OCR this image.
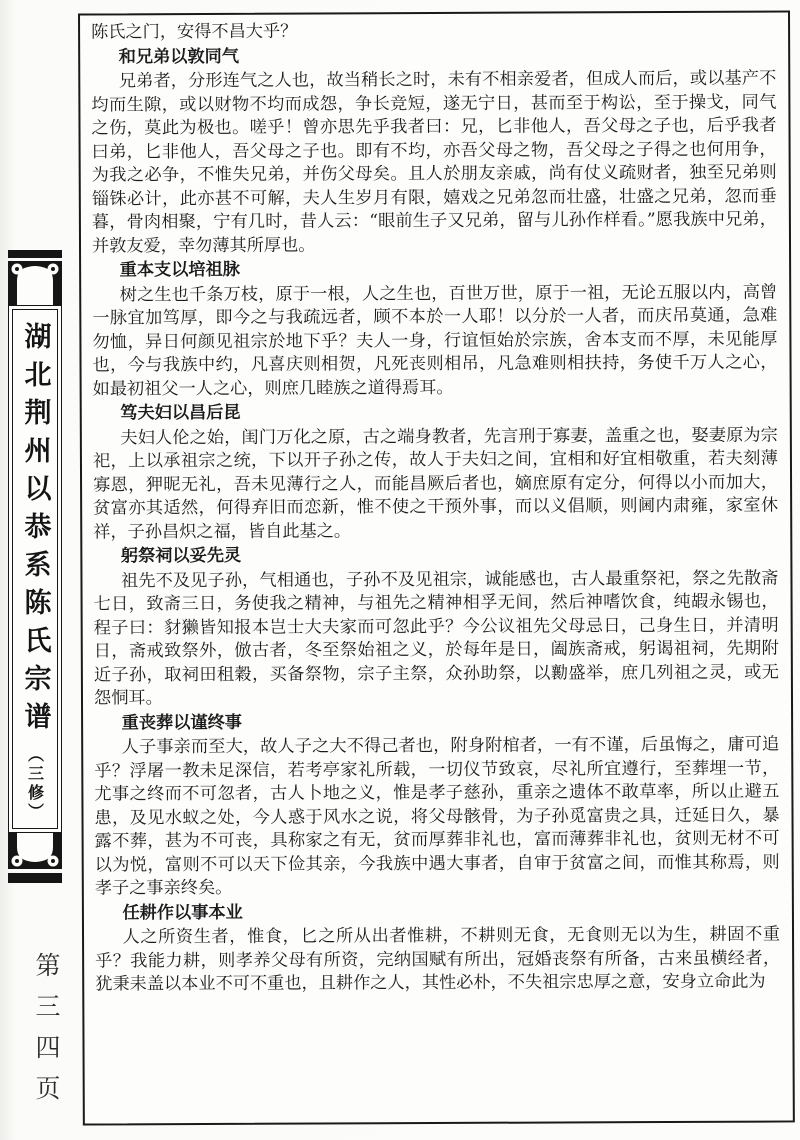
湖北荆州以恭系陈氏宗谱
（三修）
第三四页

陈氏之门，安得不昌大乎？

和兄弟以敦同气

兄弟者，分形连气之人也，故当稍长之时，未有不相亲爱者，但成人而后，或以基产不均而生隙，或以财物不均而成怨，争长竞短，遂无宁日，甚而至于构讼，至于操戈，同气之伤，莫此为极也。嗟乎！曾亦思先乎我者曰：兄，匕非他人，吾父母之子也，后乎我者曰弟，匕非他人，吾父母之子也。即有不均，亦吾父母之物，吾父母之子得之也何用争，为我之必争，不惟失兄弟，并伤父母矣。且人於朋友亲戚，尚有仗义疏财者，独至兄弟则锱铢必计，此亦甚不可解，夫人生岁月有限，嬉戏之兄弟忽而壮盛，壮盛之兄弟，忽而垂暮，骨肉相聚，宁有几时，昔人云：“眼前生子又兄弟，留与儿孙作样看。”愿我族中兄弟，并敦友爱，幸勿薄其所厚也。

重本支以培祖脉

树之生也千条万枝，原于一根，人之生也，百世万世，原于一祖，无论五服以内，高曾一脉宜加笃厚，即今之与我疏远者，顾不本於一人耶！以分於一人者，而庆吊莫通，急难勿恤，异日何颜见祖宗於地下乎？夫人一身，行谊恒始於宗族，舍本支而不厚，未见能厚也，今与我族中约，凡喜庆则相贺，凡死丧则相吊，凡急难则相扶持，务使千万人之心，如最初祖父一人之心，则庶几睦族之道得焉耳。

笃夫妇以昌后昆

夫妇人伦之始，闺门万化之原，古之端身教者，先言刑于寡妻，盖重之也，娶妻原为宗祀，上以承祖宗之统，下以开子孙之传，故人于夫妇之间，宜相和好宜相敬重，若夫刻薄寡恩，狎昵无礼，吾未见薄行之人，而能昌厥后者也，嫡庶原有定分，何得以小而加大，贫富亦其适然，何得弃旧而恋新，惟不使之干预外事，而以义倡顺，则阃内肃雍，家室休祥，子孙昌炽之福，皆自此基之。

躬祭祠以妥先灵

祖先不及见子孙，气相通也，子孙不及见祖宗，诚能感也，古人最重祭祀，祭之先散斋七日，致斋三日，务使我之精神，与祖先之精神相孚无间，然后神嗜饮食，纯嘏永锡也，程子曰：豺獭皆知报本岂士大夫家而可忽此乎？今公议祖先父母忌日，己身生日，并清明日，斋戒致祭外，倣古者，冬至祭始祖之义，於每年是日，阖族斋戒，躬谒祖祠，先期附近子孙，取祠田租穀，买备祭物，宗子主祭，众孙助祭，以勷盛举，庶几列祖之灵，或无怨恫耳。

重丧葬以谨终事

人子事亲而至大，故人子之大不得己者也，附身附棺者，一有不谨，后虽悔之，庸可追乎？浮屠一教未足深信，若考亭家礼所载，一切仪节致哀，尽礼所宜遵行，至葬埋一节，尤事之终而不可忽者，古人卜地之义，惟是孝子慈孙，重亲之遗体不敢草率，所以止避五患，及见水蚁之处，今人惑于风水之说，将父母骸骨，为子孙觅富贵之具，迁延日久，暴露不葬，甚为不可丧，具称家之有无，贫而厚葬非礼也，富而薄葬非礼也，贫则无材不可以为悦，富则不可以天下俭其亲，今我族中遇大事者，自审于贫富之间，而惟其称焉，则孝子之事亲终矣。

任耕作以事本业

人之所资生者，惟食，匕之所从出者惟耕，不耕则无食，无食则无以为生，耕固不重乎？我能力耕，则孝养父母有所资，完纳国赋有所出，冠婚丧祭有所备，古来虽横经者，犹秉耒盖以本业不可不重也，且耕作之人，其性必朴，不失祖宗忠厚之意，安身立命此为
